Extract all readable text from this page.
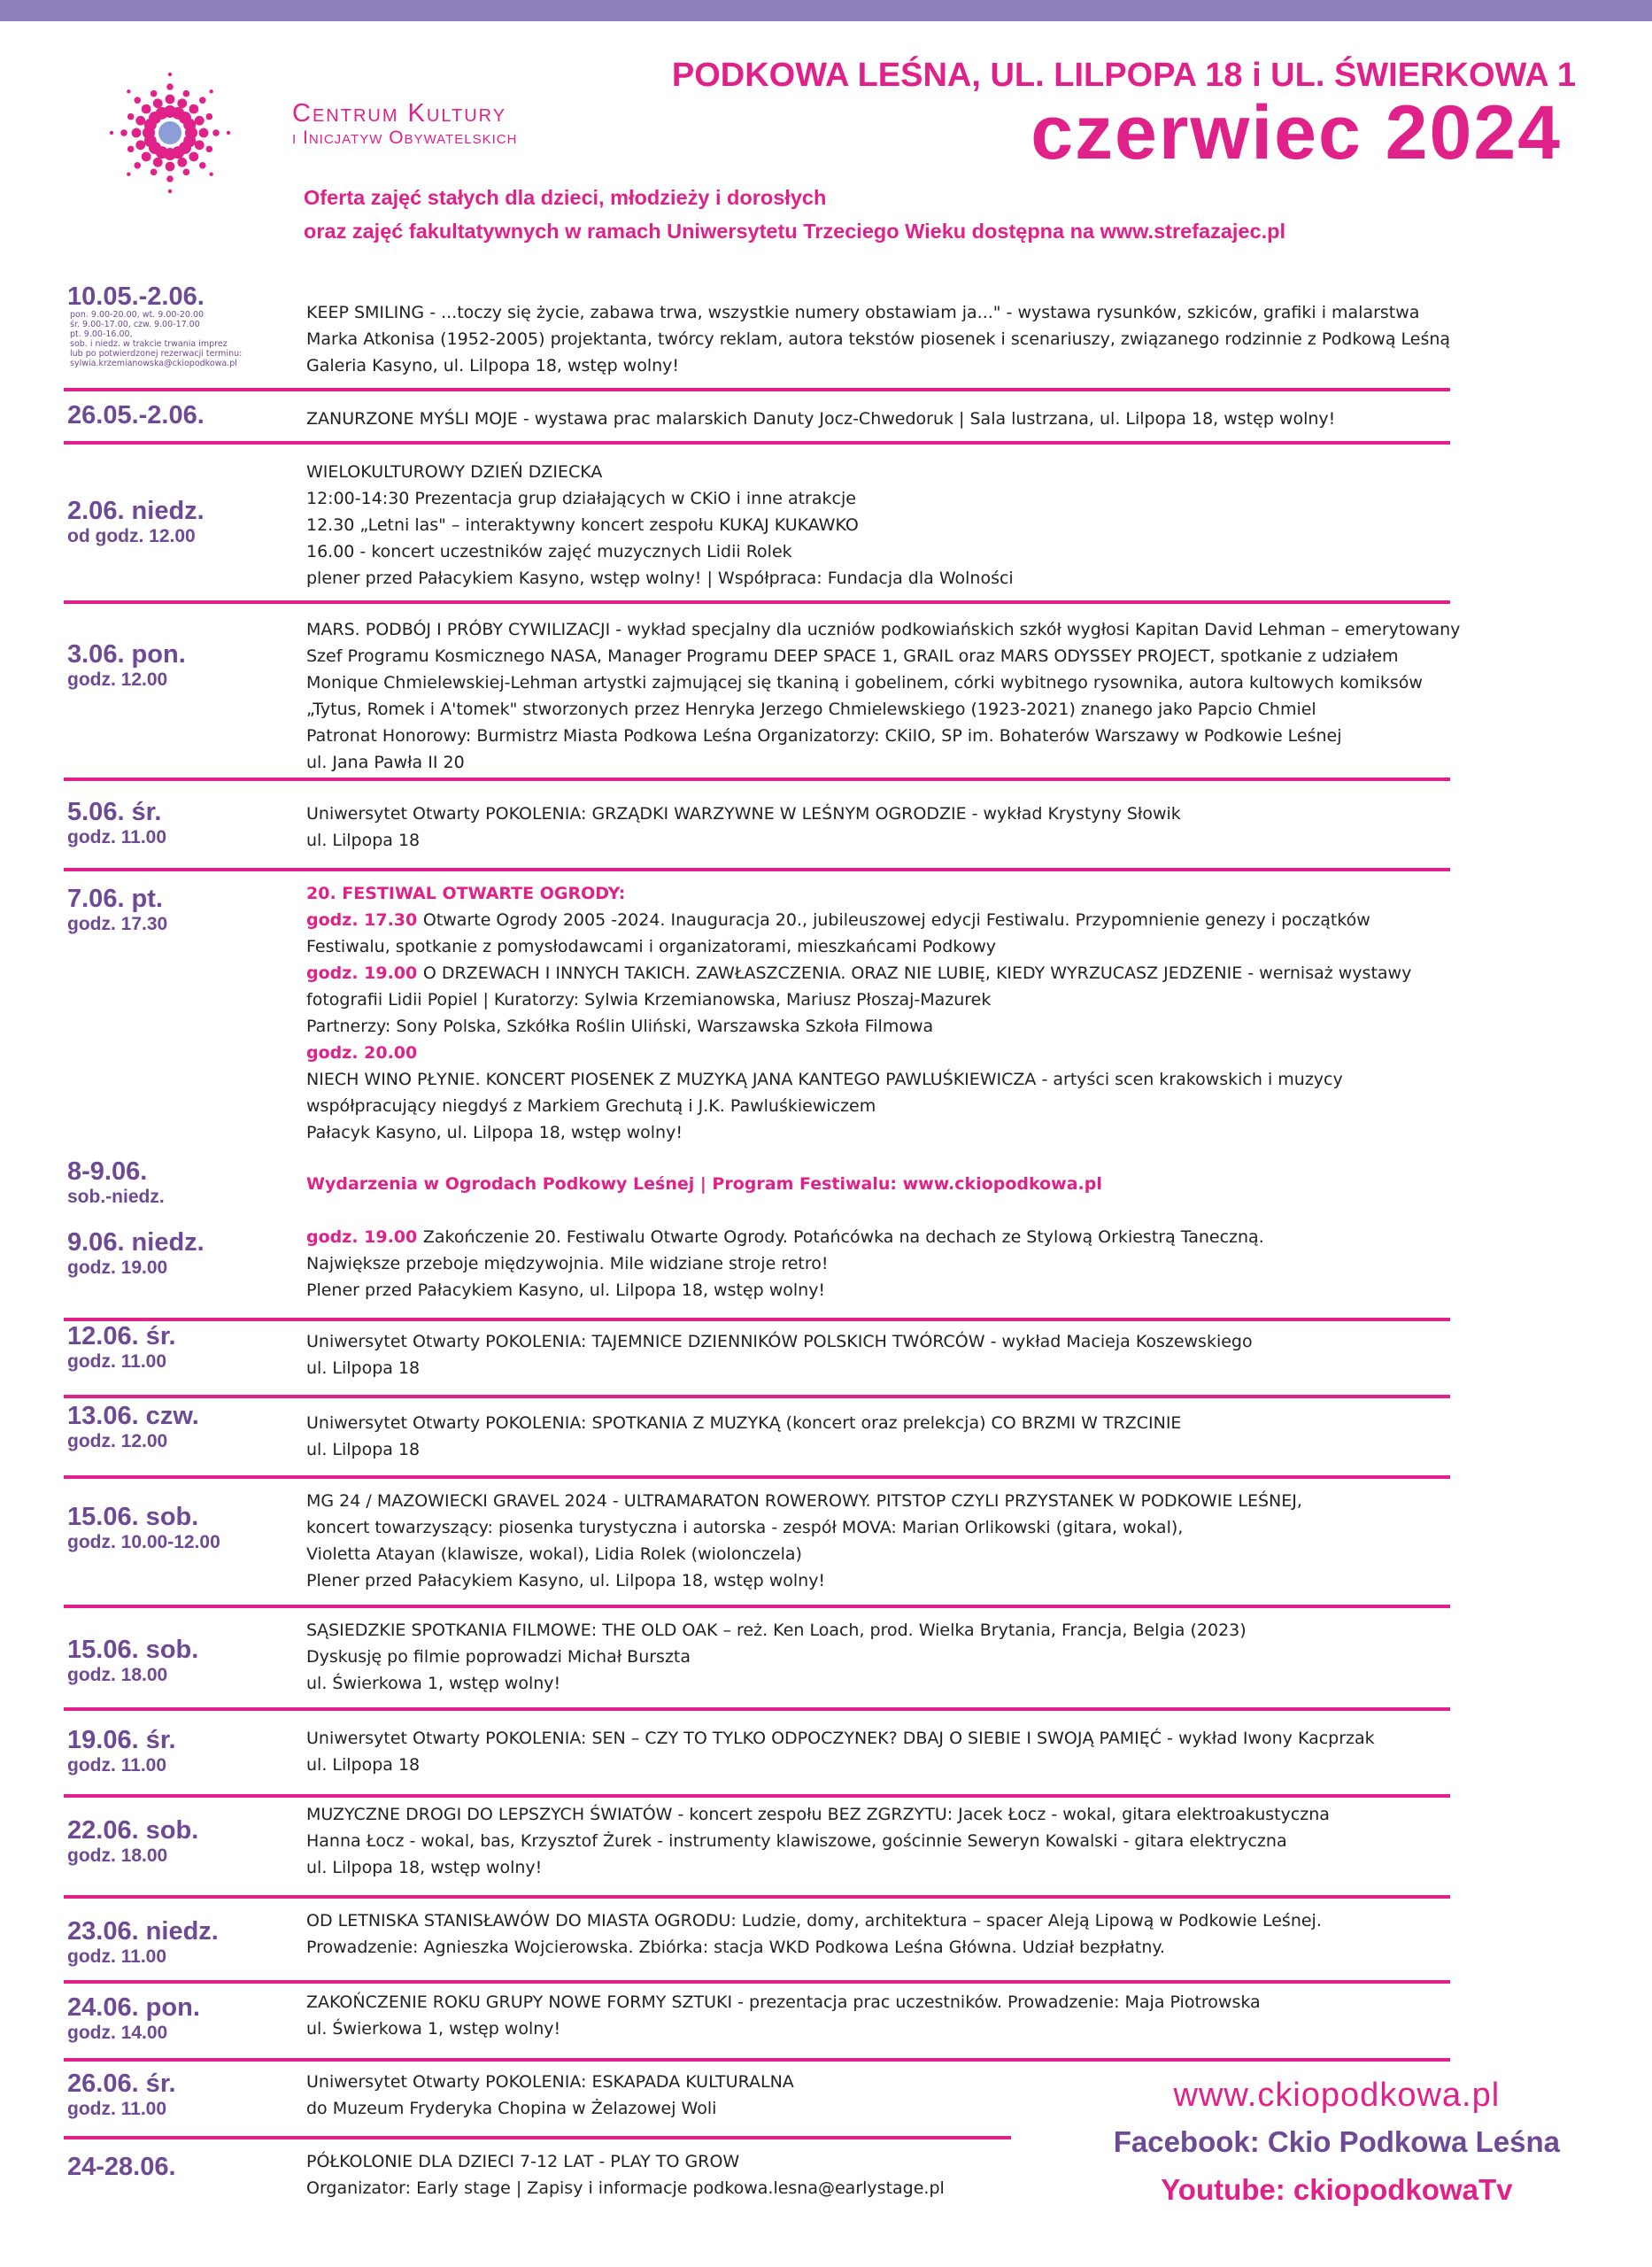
Centrum Kultury
i Inicjatyw Obywatelskich
PODKOWA LEŚNA, UL. LILPOPA 18 i UL. ŚWIERKOWA 1
czerwiec 2024
Oferta zajęć stałych dla dzieci, młodzieży i dorosłych
oraz zajęć fakultatywnych w ramach Uniwersytetu Trzeciego Wieku dostępna na www.strefazajec.pl
pon. 9.00-20.00, wt. 9.00-20.00
śr. 9.00-17.00, czw. 9.00-17.00
pt. 9.00-16.00,
sob. i niedz. w trakcie trwania imprez
lub po potwierdzonej rezerwacji terminu:
sylwia.krzemianowska@ckiopodkowa.pl
10.05.-2.06.
KEEP SMILING - ...toczy się życie, zabawa trwa, wszystkie numery obstawiam ja..." - wystawa rysunków, szkiców, grafiki i malarstwa
Marka Atkonisa (1952-2005) projektanta, twórcy reklam, autora tekstów piosenek i scenariuszy, związanego rodzinnie z Podkową Leśną
Galeria Kasyno, ul. Lilpopa 18, wstęp wolny!
26.05.-2.06.	ZANURZONE MYŚLI MOJE - wystawa prac malarskich Danuty Jocz-Chwedoruk | Sala lustrzana, ul. Lilpopa 18, wstęp wolny!
2.06. niedz.
od godz. 12.00
WIELOKULTUROWY DZIEŃ DZIECKA
12:00-14:30 Prezentacja grup działających w CKiO i inne atrakcje
12.30 „Letni las" – interaktywny koncert zespołu KUKAJ KUKAWKO
16.00 - koncert uczestników zajęć muzycznych Lidii Rolek
plener przed Pałacykiem Kasyno, wstęp wolny! | Współpraca: Fundacja dla Wolności
3.06. pon.
godz. 12.00
MARS. PODBÓJ I PRÓBY CYWILIZACJI - wykład specjalny dla uczniów podkowiańskich szkół wygłosi Kapitan David Lehman – emerytowany
Szef Programu Kosmicznego NASA, Manager Programu DEEP SPACE 1, GRAIL oraz MARS ODYSSEY PROJECT, spotkanie z udziałem
Monique Chmielewskiej-Lehman artystki zajmującej się tkaniną i gobelinem, córki wybitnego rysownika, autora kultowych komiksów
„Tytus, Romek i A'tomek" stworzonych przez Henryka Jerzego Chmielewskiego (1923-2021) znanego jako Papcio Chmiel
Patronat Honorowy: Burmistrz Miasta Podkowa Leśna Organizatorzy: CKiIO, SP im. Bohaterów Warszawy w Podkowie Leśnej
ul. Jana Pawła II 20
5.06. śr.
godz. 11.00
Uniwersytet Otwarty POKOLENIA: GRZĄDKI WARZYWNE W LEŚNYM OGRODZIE - wykład Krystyny Słowik
ul. Lilpopa 18
7.06. pt.
godz. 17.30
20. FESTIWAL OTWARTE OGRODY:
godz. 17.30 Otwarte Ogrody 2005 -2024. Inauguracja 20., jubileuszowej edycji Festiwalu. Przypomnienie genezy i początków
Festiwalu, spotkanie z pomysłodawcami i organizatorami, mieszkańcami Podkowy
godz. 19.00 O DRZEWACH I INNYCH TAKICH. ZAWŁASZCZENIA. ORAZ NIE LUBIĘ, KIEDY WYRZUCASZ JEDZENIE - wernisaż wystawy
fotografii Lidii Popiel | Kuratorzy: Sylwia Krzemianowska, Mariusz Płoszaj-Mazurek
Partnerzy: Sony Polska, Szkółka Roślin Uliński, Warszawska Szkoła Filmowa
godz. 20.00
NIECH WINO PŁYNIE. KONCERT PIOSENEK Z MUZYKĄ JANA KANTEGO PAWLUŚKIEWICZA - artyści scen krakowskich i muzycy
współpracujący niegdyś z Markiem Grechutą i J.K. Pawluśkiewiczem
Pałacyk Kasyno, ul. Lilpopa 18, wstęp wolny!
8-9.06.
sob.-niedz.
Wydarzenia w Ogrodach Podkowy Leśnej | Program Festiwalu: www.ckiopodkowa.pl
9.06. niedz.
godz. 19.00
godz. 19.00 Zakończenie 20. Festiwalu Otwarte Ogrody. Potańcówka na dechach ze Stylową Orkiestrą Taneczną.
Największe przeboje międzywojnia. Mile widziane stroje retro!
Plener przed Pałacykiem Kasyno, ul. Lilpopa 18, wstęp wolny!
12.06. śr.
godz. 11.00
Uniwersytet Otwarty POKOLENIA: TAJEMNICE DZIENNIKÓW POLSKICH TWÓRCÓW - wykład Macieja Koszewskiego
ul. Lilpopa 18
13.06. czw.
godz. 12.00
Uniwersytet Otwarty POKOLENIA: SPOTKANIA Z MUZYKĄ (koncert oraz prelekcja) CO BRZMI W TRZCINIE
ul. Lilpopa 18
15.06. sob.
godz. 10.00-12.00
MG 24 / MAZOWIECKI GRAVEL 2024 - ULTRAMARATON ROWEROWY. PITSTOP CZYLI PRZYSTANEK W PODKOWIE LEŚNEJ,
koncert towarzyszący: piosenka turystyczna i autorska - zespół MOVA: Marian Orlikowski (gitara, wokal),
Violetta Atayan (klawisze, wokal), Lidia Rolek (wiolonczela)
Plener przed Pałacykiem Kasyno, ul. Lilpopa 18, wstęp wolny!
15.06. sob.
godz. 18.00
SĄSIEDZKIE SPOTKANIA FILMOWE: THE OLD OAK – reż. Ken Loach, prod. Wielka Brytania, Francja, Belgia (2023)
Dyskusję po filmie poprowadzi Michał Bursztа
ul. Świerkowa 1, wstęp wolny!
19.06. śr.
godz. 11.00
Uniwersytet Otwarty POKOLENIA: SEN – CZY TO TYLKO ODPOCZYNEK? DBAJ O SIEBIE I SWOJĄ PAMIĘĆ - wykład Iwony Kacprzak
ul. Lilpopa 18
22.06. sob.
godz. 18.00
MUZYCZNE DROGI DO LEPSZYCH ŚWIATÓW - koncert zespołu BEZ ZGRZYTU: Jacek Łocz - wokal, gitara elektroakustyczna
Hanna Łocz - wokal, bas, Krzysztof Żurek - instrumenty klawiszowe, gościnnie Seweryn Kowalski - gitara elektryczna
ul. Lilpopa 18, wstęp wolny!
23.06. niedz.
godz. 11.00
OD LETNISKA STANISŁAWÓW DO MIASTA OGRODU: Ludzie, domy, architektura – spacer Aleją Lipową w Podkowie Leśnej.
Prowadzenie: Agnieszka Wojcierowska. Zbiórka: stacja WKD Podkowa Leśna Główna. Udział bezpłatny.
24.06. pon.
godz. 14.00
ZAKOŃCZENIE ROKU GRUPY NOWE FORMY SZTUKI - prezentacja prac uczestników. Prowadzenie: Maja Piotrowska
ul. Świerkowa 1, wstęp wolny!
26.06. śr.
godz. 11.00
Uniwersytet Otwarty POKOLENIA: ESKAPADA KULTURALNA
do Muzeum Fryderyka Chopina w Żelazowej Woli
24-28.06.	PÓŁKOLONIE DLA DZIECI 7-12 LAT - PLAY TO GROW
Organizator: Early stage | Zapisy i informacje podkowa.lesna@earlystage.pl
www.ckiopodkowa.pl
Facebook: Ckio Podkowa Leśna
Youtube: ckiopodkowaTv
